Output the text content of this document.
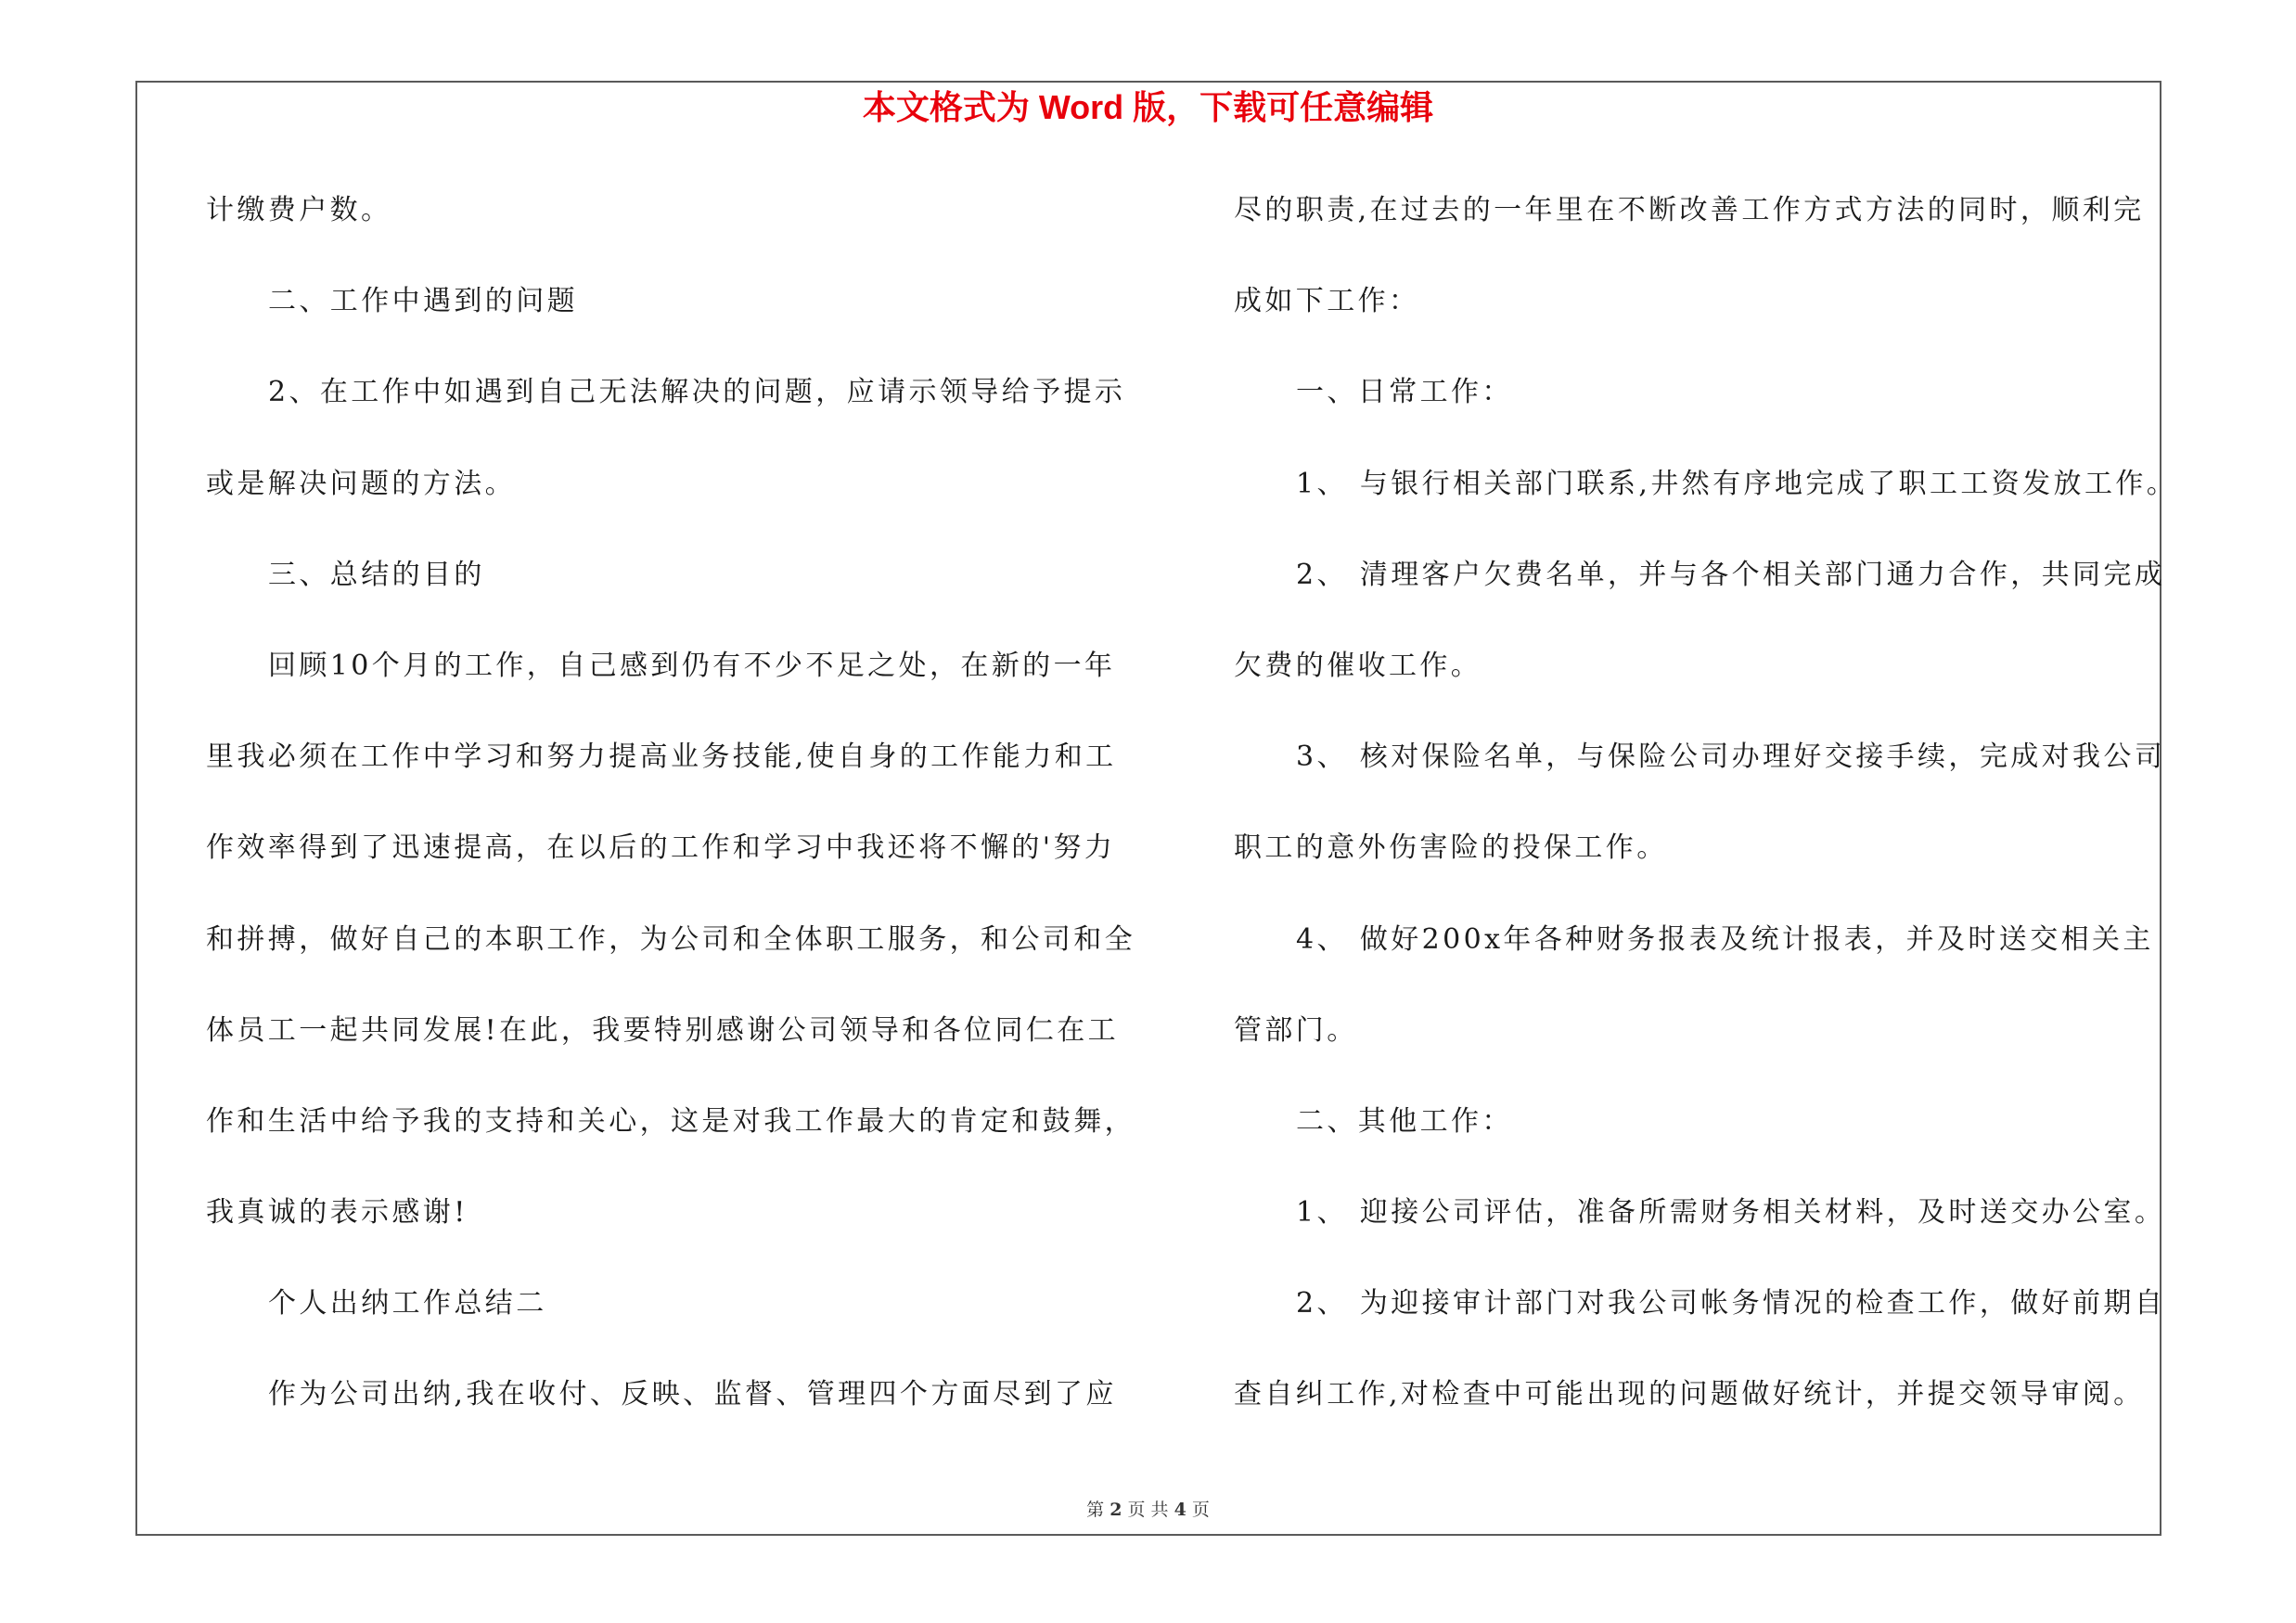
本文格式为 Word 版，下载可任意编辑
计缴费户数。
二、工作中遇到的问题
2、在工作中如遇到自己无法解决的问题，应请示领导给予提示
或是解决问题的方法。
三、总结的目的
回顾10个月的工作，自己感到仍有不少不足之处，在新的一年
里我必须在工作中学习和努力提高业务技能,使自身的工作能力和工
作效率得到了迅速提高，在以后的工作和学习中我还将不懈的'努力
和拼搏，做好自己的本职工作，为公司和全体职工服务，和公司和全
体员工一起共同发展!在此，我要特别感谢公司领导和各位同仁在工
作和生活中给予我的支持和关心，这是对我工作最大的肯定和鼓舞，
我真诚的表示感谢!
个人出纳工作总结二
作为公司出纳,我在收付、反映、监督、管理四个方面尽到了应
尽的职责,在过去的一年里在不断改善工作方式方法的同时，顺利完
成如下工作：
一、日常工作：
1、 与银行相关部门联系,井然有序地完成了职工工资发放工作。
2、 清理客户欠费名单，并与各个相关部门通力合作，共同完成
欠费的催收工作。
3、 核对保险名单，与保险公司办理好交接手续，完成对我公司
职工的意外伤害险的投保工作。
4、 做好200x年各种财务报表及统计报表，并及时送交相关主
管部门。
二、其他工作：
1、 迎接公司评估，准备所需财务相关材料，及时送交办公室。
2、 为迎接审计部门对我公司帐务情况的检查工作，做好前期自
查自纠工作,对检查中可能出现的问题做好统计，并提交领导审阅。
第 2 页 共 4 页
